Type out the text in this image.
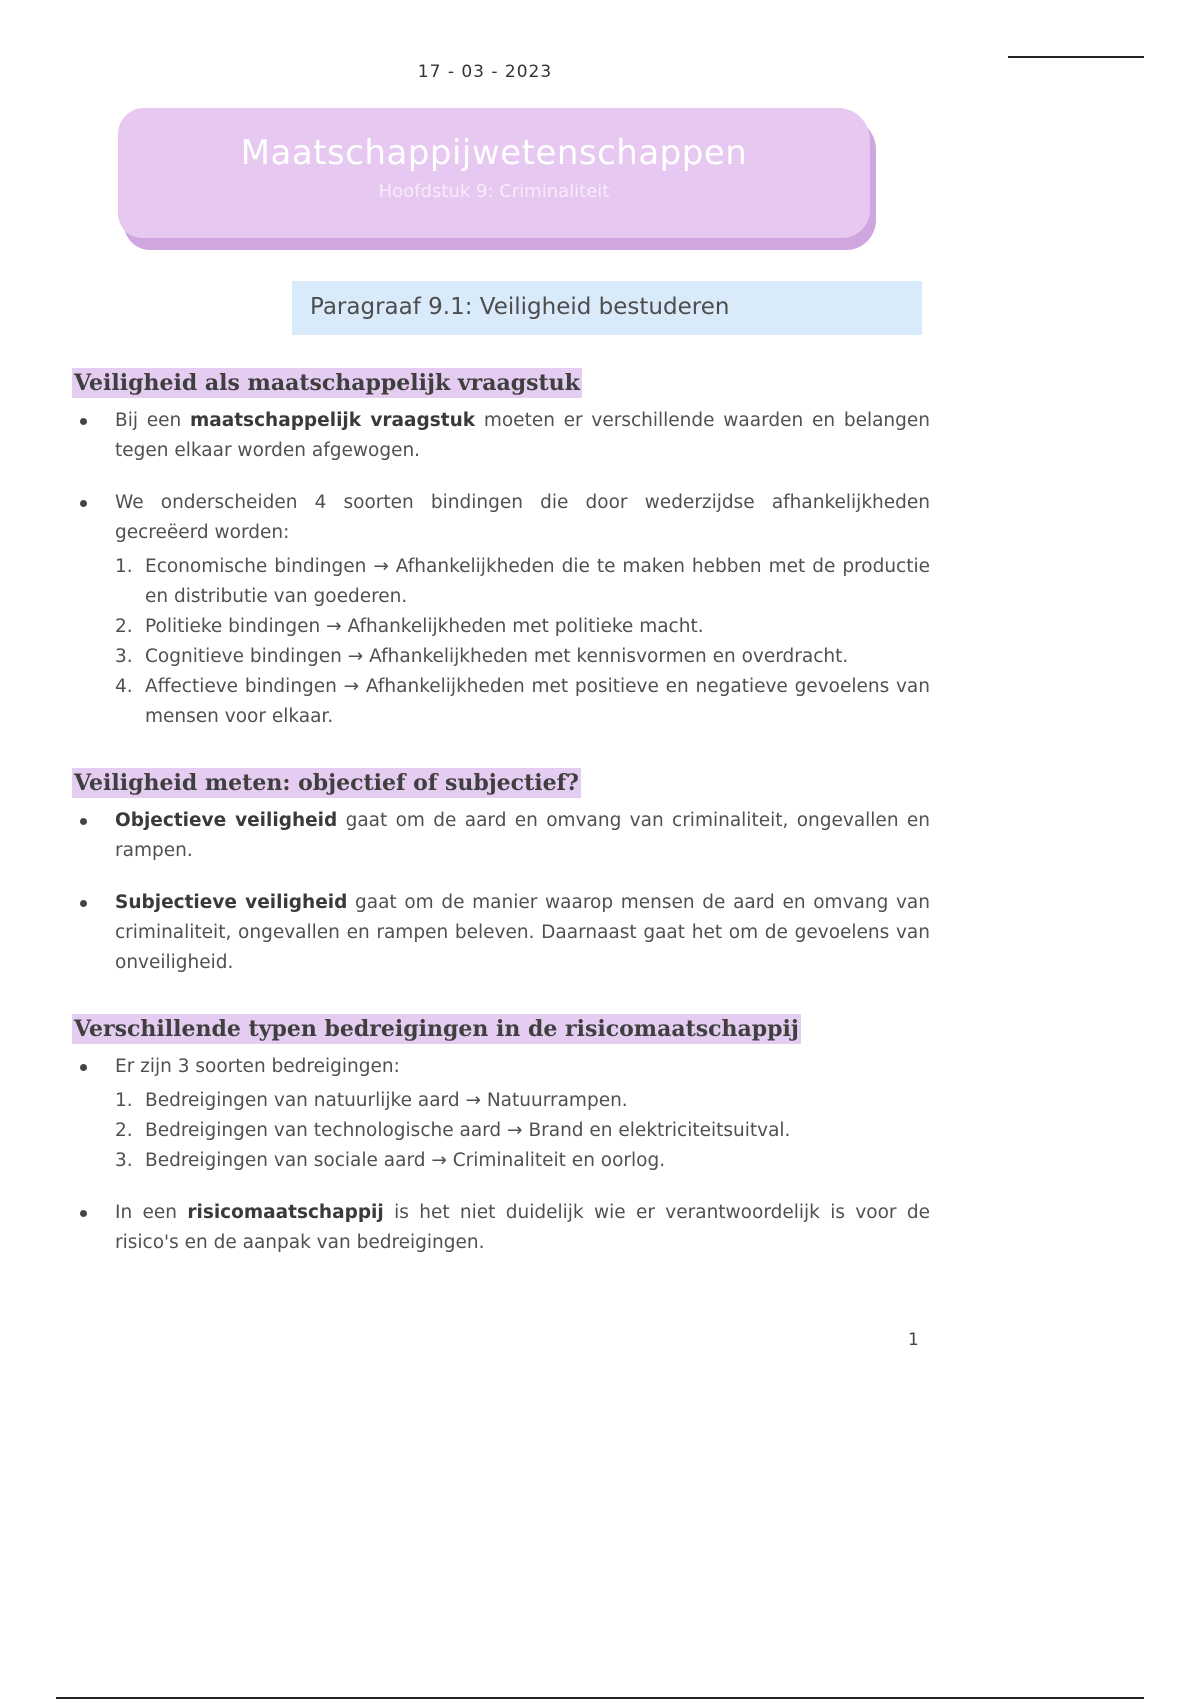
17 - 03 - 2023
Maatschappijwetenschappen
Hoofdstuk 9: Criminaliteit
Paragraaf 9.1: Veiligheid bestuderen
Veiligheid als maatschappelijk vraagstuk
Bij een maatschappelijk vraagstuk moeten er verschillende waarden en belangen tegen elkaar worden afgewogen.
We onderscheiden 4 soorten bindingen die door wederzijdse afhankelijkheden gecreëerd worden:
1. Economische bindingen → Afhankelijkheden die te maken hebben met de productie en distributie van goederen.
2. Politieke bindingen → Afhankelijkheden met politieke macht.
3. Cognitieve bindingen → Afhankelijkheden met kennisvormen en overdracht.
4. Affectieve bindingen → Afhankelijkheden met positieve en negatieve gevoelens van mensen voor elkaar.
Veiligheid meten: objectief of subjectief?
Objectieve veiligheid gaat om de aard en omvang van criminaliteit, ongevallen en rampen.
Subjectieve veiligheid gaat om de manier waarop mensen de aard en omvang van criminaliteit, ongevallen en rampen beleven. Daarnaast gaat het om de gevoelens van onveiligheid.
Verschillende typen bedreigingen in de risicomaatschappij
Er zijn 3 soorten bedreigingen:
1. Bedreigingen van natuurlijke aard → Natuurrampen.
2. Bedreigingen van technologische aard → Brand en elektriciteitsuitval.
3. Bedreigingen van sociale aard → Criminaliteit en oorlog.
In een risicomaatschappij is het niet duidelijk wie er verantwoordelijk is voor de risico's en de aanpak van bedreigingen.
1
